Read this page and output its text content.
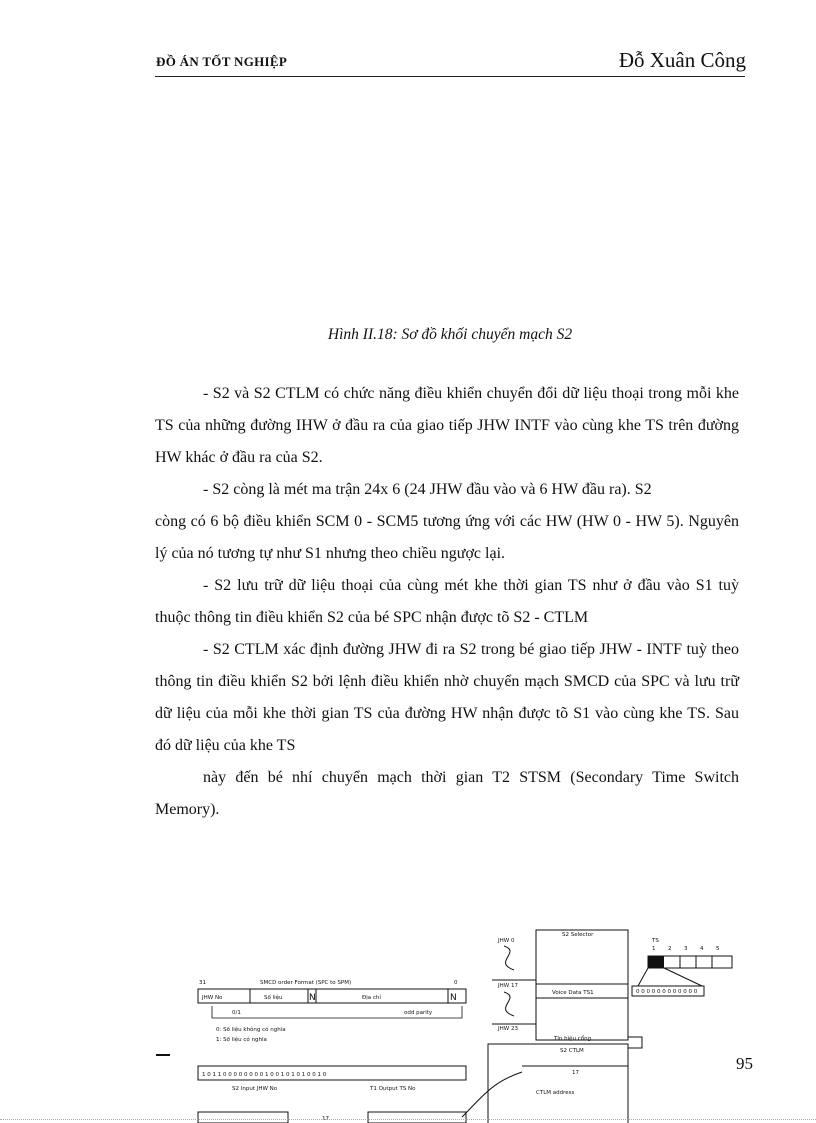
ĐỒ ÁN TỐT NGHIỆP	Đỗ Xuân Công
Hình II.18: Sơ đồ khối chuyển mạch S2

- S2 và S2 CTLM có chức năng điều khiển chuyển đổi dữ liệu thoại trong mỗi khe TS của những đường IHW ở đầu ra của giao tiếp JHW INTF vào cùng khe TS trên đường HW khác ở đầu ra của S2.

- S2 còng là mét ma trận 24x 6 (24 JHW đầu vào và 6 HW đầu ra). S2

còng có 6 bộ điều khiển SCM 0 - SCM5 tương ứng với các HW (HW 0 - HW 5). Nguyên lý của nó tương tự như S1 nhưng theo chiều ngược lại.

- S2 lưu trữ dữ liệu thoại của cùng mét khe thời gian TS như ở đầu vào S1 tuỳ thuộc thông tin điều khiển S2 của bé SPC nhận được tõ S2 - CTLM

- S2 CTLM xác định đường JHW đi ra S2 trong bé giao tiếp JHW - INTF tuỳ theo thông tin điều khiển S2 bởi lệnh điều khiển nhờ chuyển mạch SMCD của SPC và lưu trữ dữ liệu của mỗi khe thời gian TS của đường HW nhận được tõ S1 vào cùng khe TS. Sau đó dữ liệu của khe TS

này đến bé nhí chuyển mạch thời gian T2 STSM (Secondary Time Switch Memory).

31	0
SMCD order Format (SPC to SPM)
JHW No	Số liệu	N	Địa chỉ	N
0/1	odd parity
0: Số liệu không có nghĩa
1: Số liệu có nghĩa
1 0 1 1 0 0 0 0 0 0 0 0 1 0 0 1 0 1 0 1 0 0 1 0
S2 Input JHW No	T1 Output TS No
17
JHW 0
JHW 17
JHW 23
S2 Selector
Voice Data TS1
Tín hiệu cổng
S2 CTLM
17
CTLM address
TS
1 2 3 4 5
0 0 0 0 0 0 0 0 0 0 0 0
95
